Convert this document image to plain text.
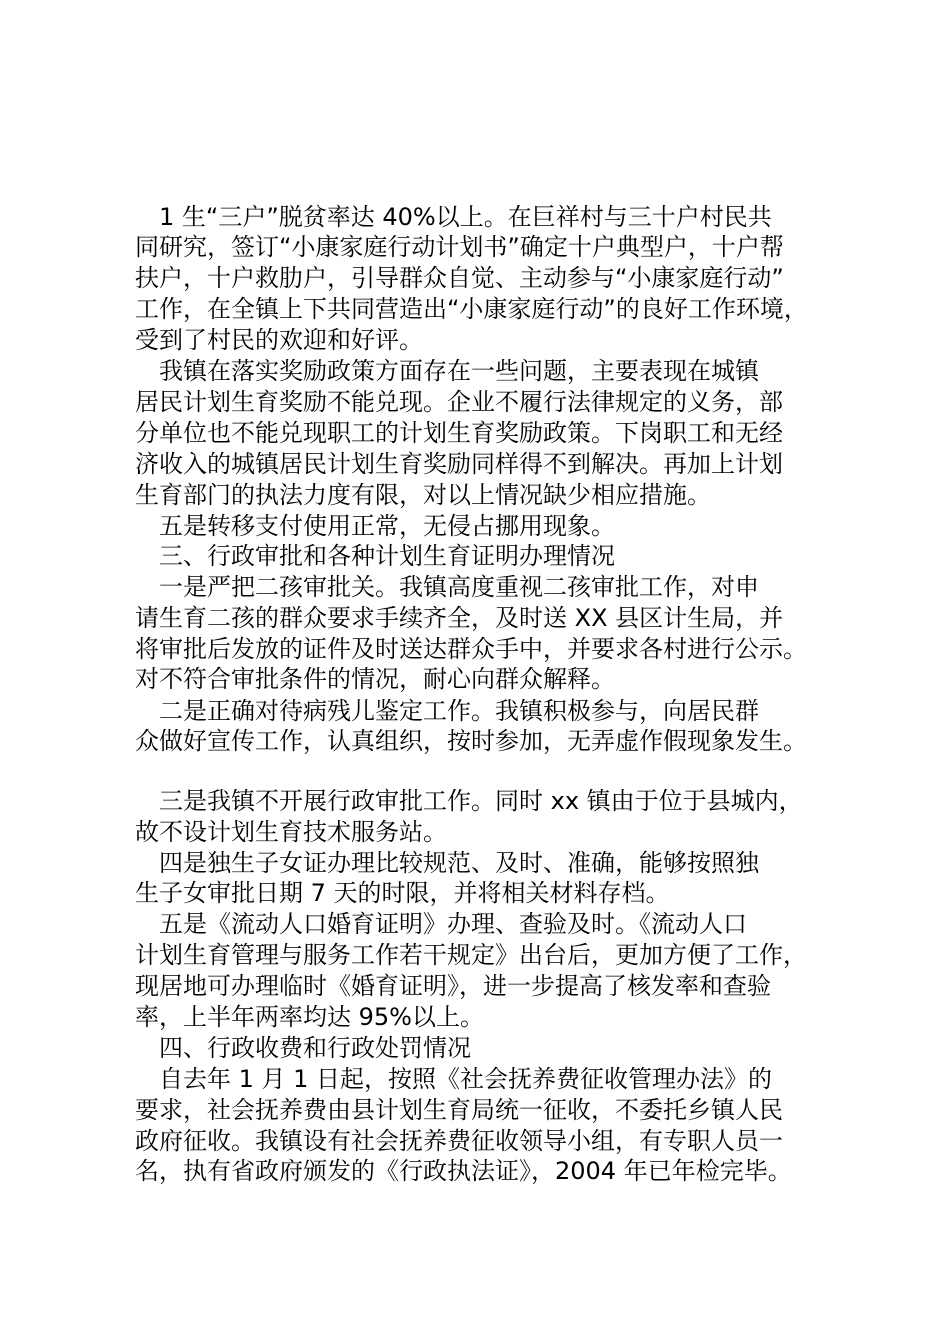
　1 生“三户”脱贫率达 40%以上。在巨祥村与三十户村民共
同研究，签订“小康家庭行动计划书”确定十户典型户，十户帮
扶户，十户救肋户，引导群众自觉、主动参与“小康家庭行动”
工作，在全镇上下共同营造出“小康家庭行动”的良好工作环境，
受到了村民的欢迎和好评。
　我镇在落实奖励政策方面存在一些问题，主要表现在城镇
居民计划生育奖励不能兑现。企业不履行法律规定的义务，部
分单位也不能兑现职工的计划生育奖励政策。下岗职工和无经
济收入的城镇居民计划生育奖励同样得不到解决。再加上计划
生育部门的执法力度有限，对以上情况缺少相应措施。
　五是转移支付使用正常，无侵占挪用现象。
　三、行政审批和各种计划生育证明办理情况
　一是严把二孩审批关。我镇高度重视二孩审批工作，对申
请生育二孩的群众要求手续齐全，及时送 XX 县区计生局，并
将审批后发放的证件及时送达群众手中，并要求各村进行公示。
对不符合审批条件的情况，耐心向群众解释。
　二是正确对待病残儿鉴定工作。我镇积极参与，向居民群
众做好宣传工作，认真组织，按时参加，无弄虚作假现象发生。
　三是我镇不开展行政审批工作。同时 xx 镇由于位于县城内，
故不设计划生育技术服务站。
　四是独生子女证办理比较规范、及时、准确，能够按照独
生子女审批日期 7 天的时限，并将相关材料存档。
　五是《流动人口婚育证明》办理、查验及时。《流动人口
计划生育管理与服务工作若干规定》出台后，更加方便了工作，
现居地可办理临时《婚育证明》，进一步提高了核发率和查验
率，上半年两率均达 95%以上。
　四、行政收费和行政处罚情况
　自去年 1 月 1 日起，按照《社会抚养费征收管理办法》的
要求，社会抚养费由县计划生育局统一征收，不委托乡镇人民
政府征收。我镇设有社会抚养费征收领导小组，有专职人员一
名，执有省政府颁发的《行政执法证》，2004 年已年检完毕。
